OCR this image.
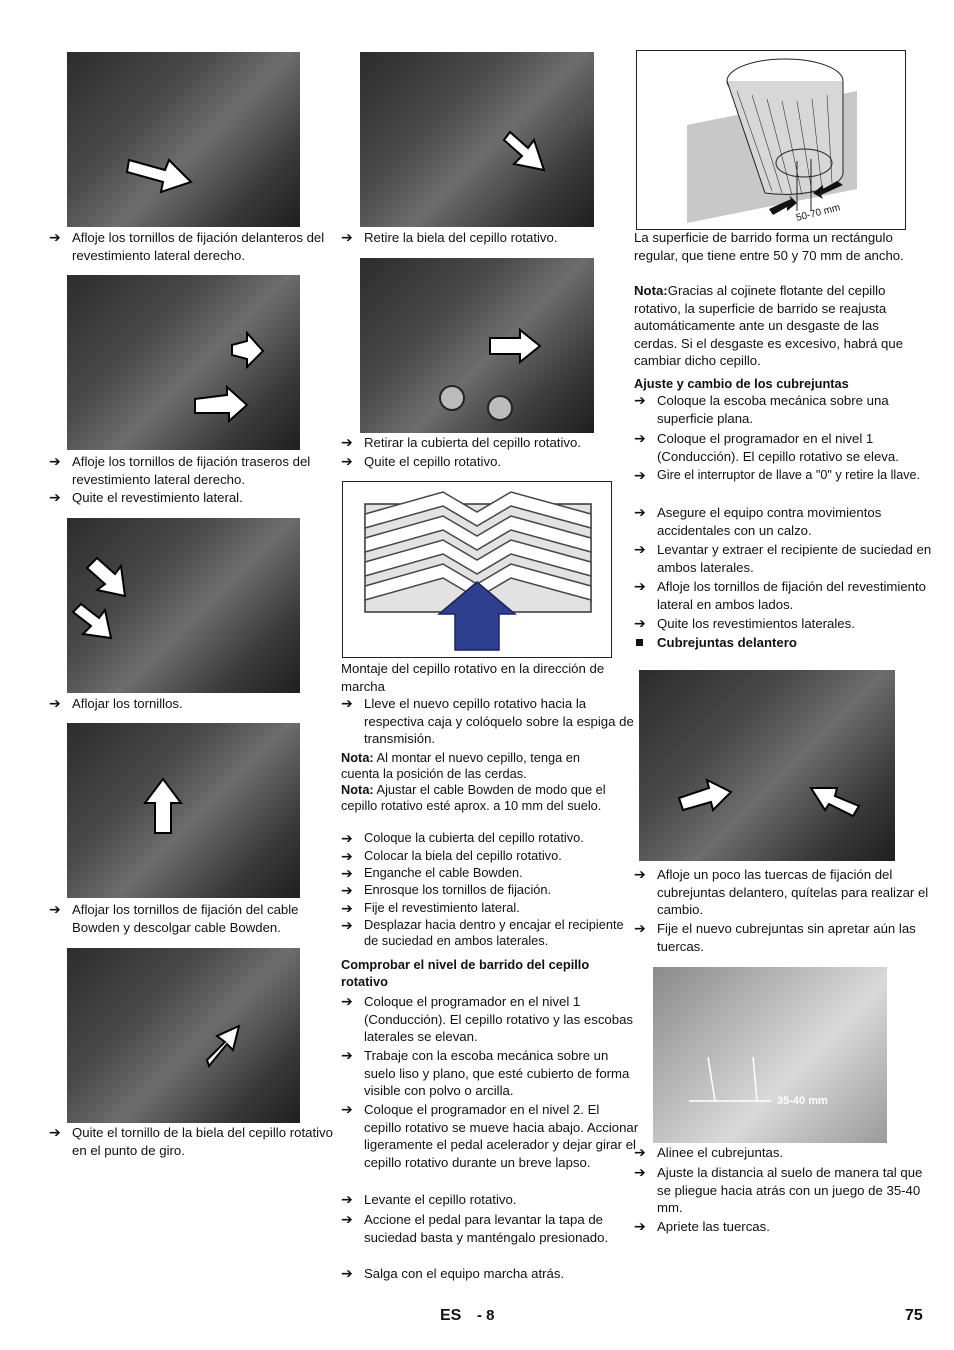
➔ Afloje los tornillos de fijación delanteros del revestimiento lateral derecho.
➔ Afloje los tornillos de fijación traseros del revestimiento lateral derecho.
➔ Quite el revestimiento lateral.
➔ Aflojar los tornillos.
➔ Aflojar los tornillos de fijación del cable Bowden y descolgar cable Bowden.
➔ Quite el tornillo de la biela del cepillo rotativo en el punto de giro.
➔ Retire la biela del cepillo rotativo.
➔ Retirar la cubierta del cepillo rotativo.
➔ Quite el cepillo rotativo.
Montaje del cepillo rotativo en la dirección de marcha
➔ Lleve el nuevo cepillo rotativo hacia la respectiva caja y colóquelo sobre la espiga de transmisión.
Nota: Al montar el nuevo cepillo, tenga en cuenta la posición de las cerdas.
Nota: Ajustar el cable Bowden de modo que el cepillo rotativo esté aprox. a 10 mm del suelo.
➔ Coloque la cubierta del cepillo rotativo.
➔ Colocar la biela del cepillo rotativo.
➔ Enganche el cable Bowden.
➔ Enrosque los tornillos de fijación.
➔ Fije el revestimiento lateral.
➔ Desplazar hacia dentro y encajar el recipiente de suciedad en ambos laterales.
Comprobar el nivel de barrido del cepillo rotativo
➔ Coloque el programador en el nivel 1 (Conducción). El cepillo rotativo y las escobas laterales se elevan.
➔ Trabaje con la escoba mecánica sobre un suelo liso y plano, que esté cubierto de forma visible con polvo o arcilla.
➔ Coloque el programador en el nivel 2. El cepillo rotativo se mueve hacia abajo. Accionar ligeramente el pedal acelerador y dejar girar el cepillo rotativo durante un breve lapso.
➔ Levante el cepillo rotativo.
➔ Accione el pedal para levantar la tapa de suciedad basta y manténgalo presionado.
➔ Salga con el equipo marcha atrás.
50-70 mm
La superficie de barrido forma un rectángulo regular, que tiene entre 50 y 70 mm de ancho.
Nota:Gracias al cojinete flotante del cepillo rotativo, la superficie de barrido se reajusta automáticamente ante un desgaste de las cerdas. Si el desgaste es excesivo, habrá que cambiar dicho cepillo.
Ajuste y cambio de los cubrejuntas
➔ Coloque la escoba mecánica sobre una superficie plana.
➔ Coloque el programador en el nivel 1 (Conducción). El cepillo rotativo se eleva.
➔ Gire el interruptor de llave a "0" y retire la llave.
➔ Asegure el equipo contra movimientos accidentales con un calzo.
➔ Levantar y extraer el recipiente de suciedad en ambos laterales.
➔ Afloje los tornillos de fijación del revestimiento lateral en ambos lados.
➔ Quite los revestimientos laterales.
Cubrejuntas delantero
➔ Afloje un poco las tuercas de fijación del cubrejuntas delantero, quítelas para realizar el cambio.
➔ Fije el nuevo cubrejuntas sin apretar aún las tuercas.
35-40 mm
➔ Alinee el cubrejuntas.
➔ Ajuste la distancia al suelo de manera tal que se pliegue hacia atrás con un juego de 35-40 mm.
➔ Apriete las tuercas.
ES - 8	75
